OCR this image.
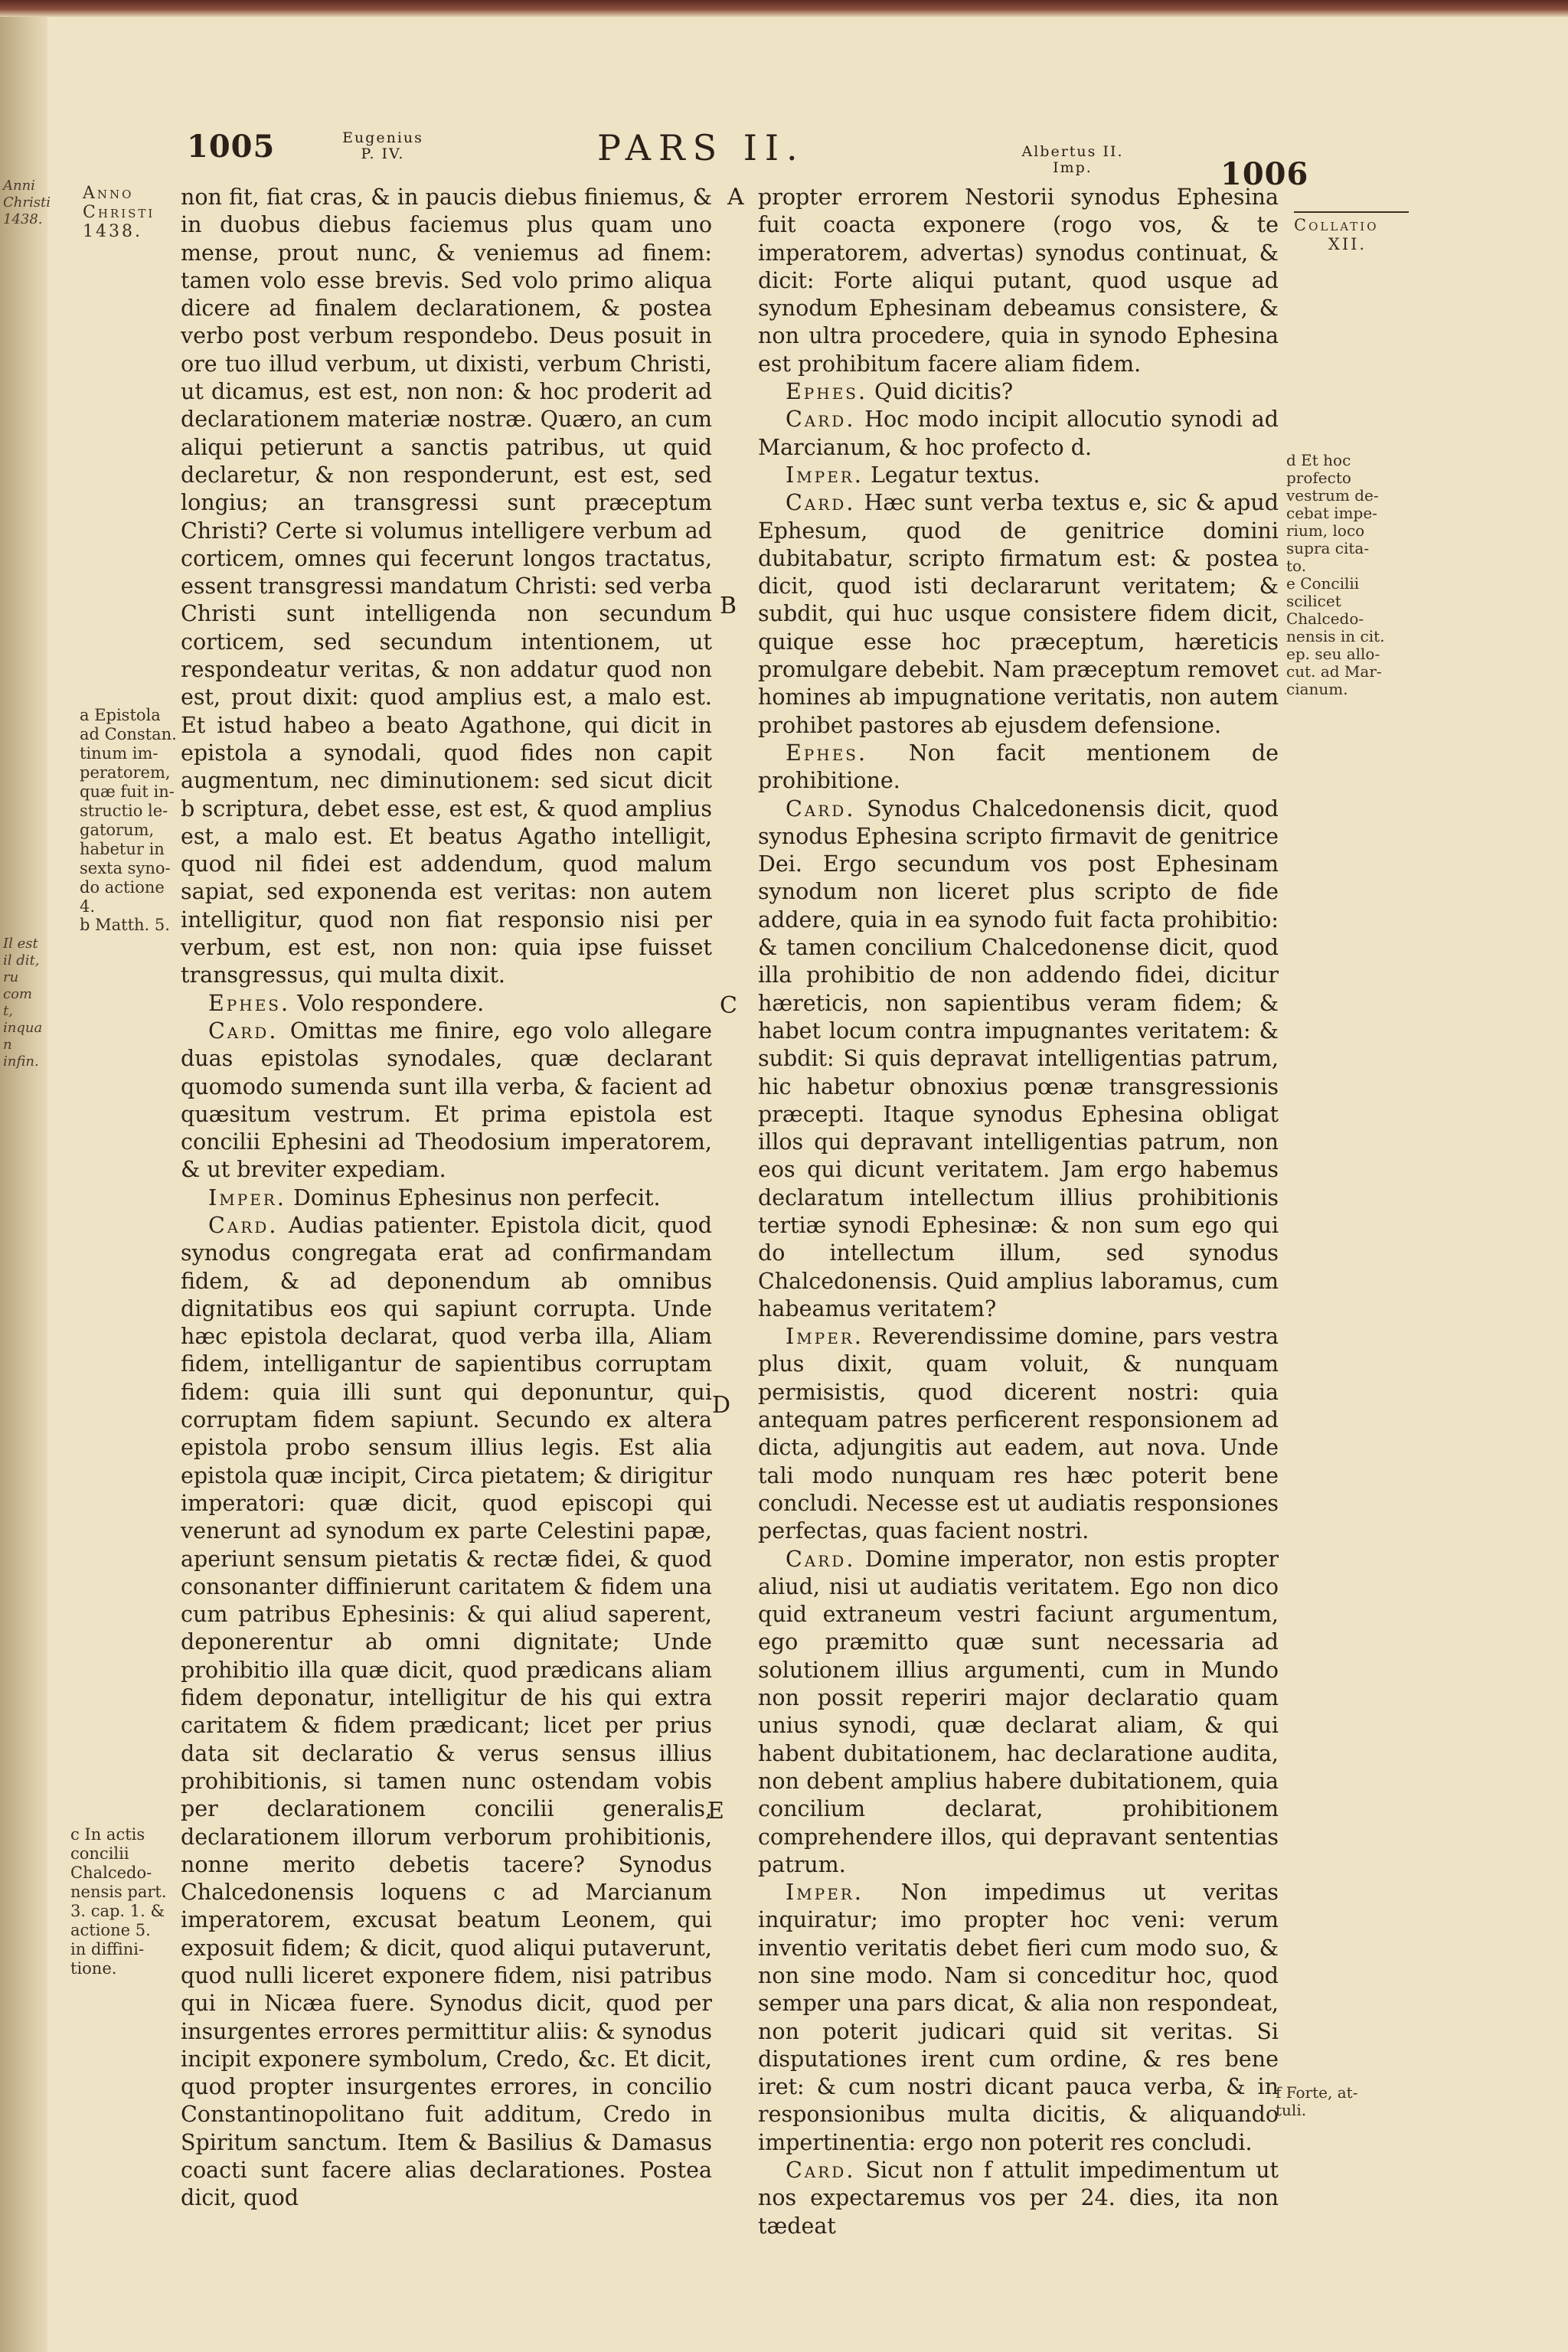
Anni
Christi
1438.
Il est
il dit,
ru com
t, inqua
n infin.
1005	Eugenius
P. IV.	PARS II.	Albertus II.
Imp.	1006
Anno
Christi
1438.
a Epistola
ad Constan.
tinum im-
peratorem,
quæ fuit in-
structio le-
gatorum,
habetur in
sexta syno-
do actione
4.
b Matth. 5.
c In actis
concilii
Chalcedo-
nensis part.
3. cap. 1. &
actione 5.
in diffini-
tione.
Collatio
XII.
d Et hoc
profecto
vestrum de-
cebat impe-
rium, loco
supra cita-
to.
e Concilii
scilicet
Chalcedo-
nensis in cit.
ep. seu allo-
cut. ad Mar-
cianum.
f Forte, at-
tuli.
A
B
C
D
E

non fit, fiat cras, & in paucis diebus finiemus, & in duobus diebus faciemus plus quam uno mense, prout nunc, & veniemus ad finem: tamen volo esse brevis. Sed volo primo aliqua dicere ad finalem declarationem, & postea verbo post verbum respondebo. Deus posuit in ore tuo illud verbum, ut dixisti, verbum Christi, ut dicamus, est est, non non: & hoc proderit ad declarationem materiæ nostræ. Quæro, an cum aliqui petierunt a sanctis patribus, ut quid declaretur, & non responderunt, est est, sed longius; an transgressi sunt præceptum Christi? Certe si volumus intelligere verbum ad corticem, omnes qui fecerunt longos tractatus, essent transgressi mandatum Christi: sed verba Christi sunt intelligenda non secundum corticem, sed secundum intentionem, ut respondeatur veritas, & non addatur quod non est, prout dixit: quod amplius est, a malo est. Et istud habeo a beato Agathone, qui dicit in epistola a synodali, quod fides non capit augmentum, nec diminutionem: sed sicut dicit b scriptura, debet esse, est est, & quod amplius est, a malo est. Et beatus Agatho intelligit, quod nil fidei est addendum, quod malum sapiat, sed exponenda est veritas: non autem intelligitur, quod non fiat responsio nisi per verbum, est est, non non: quia ipse fuisset transgressus, qui multa dixit.

Ephes. Volo respondere.

Card. Omittas me finire, ego volo allegare duas epistolas synodales, quæ declarant quomodo sumenda sunt illa verba, & facient ad quæsitum vestrum. Et prima epistola est concilii Ephesini ad Theodosium imperatorem, & ut breviter expediam.

Imper. Dominus Ephesinus non perfecit.

Card. Audias patienter. Epistola dicit, quod synodus congregata erat ad confirmandam fidem, & ad deponendum ab omnibus dignitatibus eos qui sapiunt corrupta. Unde hæc epistola declarat, quod verba illa, Aliam fidem, intelligantur de sapientibus corruptam fidem: quia illi sunt qui deponuntur, qui corruptam fidem sapiunt. Secundo ex altera epistola probo sensum illius legis. Est alia epistola quæ incipit, Circa pietatem; & dirigitur imperatori: quæ dicit, quod episcopi qui venerunt ad synodum ex parte Celestini papæ, aperiunt sensum pietatis & rectæ fidei, & quod consonanter diffinierunt caritatem & fidem una cum patribus Ephesinis: & qui aliud saperent, deponerentur ab omni dignitate; Unde prohibitio illa quæ dicit, quod prædicans aliam fidem deponatur, intelligitur de his qui extra caritatem & fidem prædicant; licet per prius data sit declaratio & verus sensus illius prohibitionis, si tamen nunc ostendam vobis per declarationem concilii generalis, declarationem illorum verborum prohibitionis, nonne merito debetis tacere? Synodus Chalcedonensis loquens c ad Marcianum imperatorem, excusat beatum Leonem, qui exposuit fidem; & dicit, quod aliqui putaverunt, quod nulli liceret exponere fidem, nisi patribus qui in Nicæa fuere. Synodus dicit, quod per insurgentes errores permittitur aliis: & synodus incipit exponere symbolum, Credo, &c. Et dicit, quod propter insurgentes errores, in concilio Constantinopolitano fuit additum, Credo in Spiritum sanctum. Item & Basilius & Damasus coacti sunt facere alias declarationes. Postea dicit, quod

propter errorem Nestorii synodus Ephesina fuit coacta exponere (rogo vos, & te imperatorem, advertas) synodus continuat, & dicit: Forte aliqui putant, quod usque ad synodum Ephesinam debeamus consistere, & non ultra procedere, quia in synodo Ephesina est prohibitum facere aliam fidem.

Ephes. Quid dicitis?

Card. Hoc modo incipit allocutio synodi ad Marcianum, & hoc profecto d.

Imper. Legatur textus.

Card. Hæc sunt verba textus e, sic & apud Ephesum, quod de genitrice domini dubitabatur, scripto firmatum est: & postea dicit, quod isti declararunt veritatem; & subdit, qui huc usque consistere fidem dicit, quique esse hoc præceptum, hæreticis promulgare debebit. Nam præceptum removet homines ab impugnatione veritatis, non autem prohibet pastores ab ejusdem defensione.

Ephes. Non facit mentionem de prohibitione.

Card. Synodus Chalcedonensis dicit, quod synodus Ephesina scripto firmavit de genitrice Dei. Ergo secundum vos post Ephesinam synodum non liceret plus scripto de fide addere, quia in ea synodo fuit facta prohibitio: & tamen concilium Chalcedonense dicit, quod illa prohibitio de non addendo fidei, dicitur hæreticis, non sapientibus veram fidem; & habet locum contra impugnantes veritatem: & subdit: Si quis depravat intelligentias patrum, hic habetur obnoxius pœnæ transgressionis præcepti. Itaque synodus Ephesina obligat illos qui depravant intelligentias patrum, non eos qui dicunt veritatem. Jam ergo habemus declaratum intellectum illius prohibitionis tertiæ synodi Ephesinæ: & non sum ego qui do intellectum illum, sed synodus Chalcedonensis. Quid amplius laboramus, cum habeamus veritatem?

Imper. Reverendissime domine, pars vestra plus dixit, quam voluit, & nunquam permisistis, quod dicerent nostri: quia antequam patres perficerent responsionem ad dicta, adjungitis aut eadem, aut nova. Unde tali modo nunquam res hæc poterit bene concludi. Necesse est ut audiatis responsiones perfectas, quas facient nostri.

Card. Domine imperator, non estis propter aliud, nisi ut audiatis veritatem. Ego non dico quid extraneum vestri faciunt argumentum, ego præmitto quæ sunt necessaria ad solutionem illius argumenti, cum in Mundo non possit reperiri major declaratio quam unius synodi, quæ declarat aliam, & qui habent dubitationem, hac declaratione audita, non debent amplius habere dubitationem, quia concilium declarat, prohibitionem comprehendere illos, qui depravant sententias patrum.

Imper. Non impedimus ut veritas inquiratur; imo propter hoc veni: verum inventio veritatis debet fieri cum modo suo, & non sine modo. Nam si conceditur hoc, quod semper una pars dicat, & alia non respondeat, non poterit judicari quid sit veritas. Si disputationes irent cum ordine, & res bene iret: & cum nostri dicant pauca verba, & in responsionibus multa dicitis, & aliquando impertinentia: ergo non poterit res concludi.

Card. Sicut non f attulit impedimentum ut nos expectaremus vos per 24. dies, ita non tædeat
